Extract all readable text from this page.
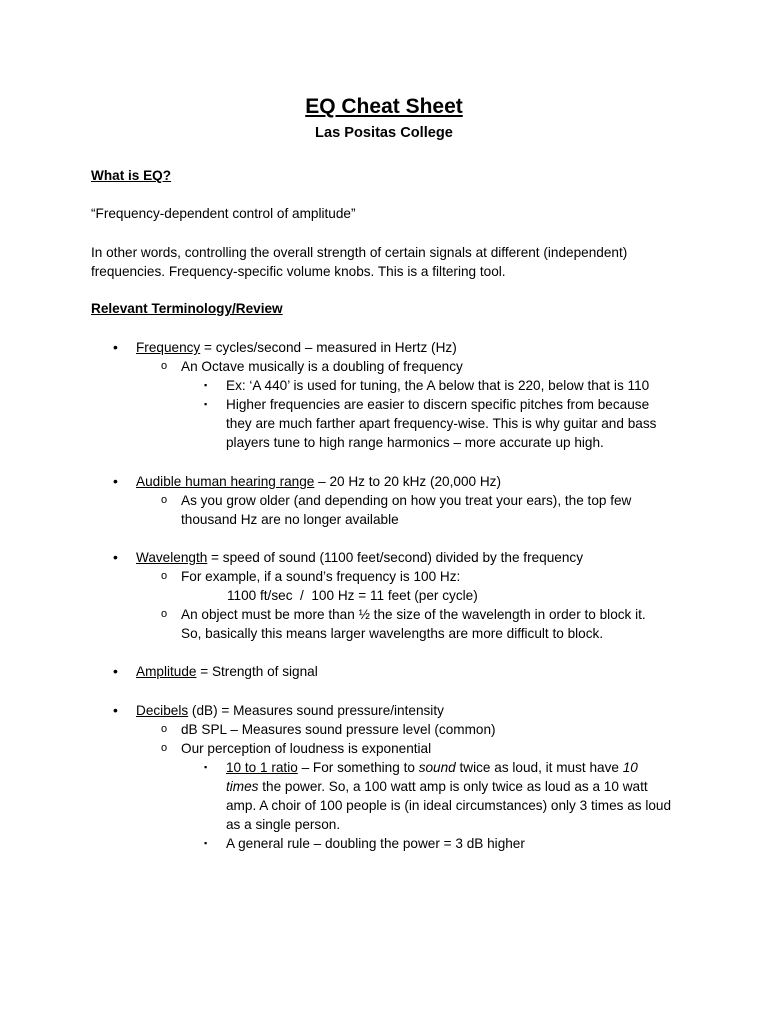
EQ Cheat Sheet
Las Positas College
What is EQ?
“Frequency-dependent control of amplitude”
In other words, controlling the overall strength of certain signals at different (independent)
frequencies. Frequency-specific volume knobs. This is a filtering tool.
Relevant Terminology/Review
• Frequency = cycles/second – measured in Hertz (Hz)
o An Octave musically is a doubling of frequency
▪ Ex: ‘A 440’ is used for tuning, the A below that is 220, below that is 110
▪ Higher frequencies are easier to discern specific pitches from because
they are much farther apart frequency-wise. This is why guitar and bass
players tune to high range harmonics – more accurate up high.
• Audible human hearing range – 20 Hz to 20 kHz (20,000 Hz)
o As you grow older (and depending on how you treat your ears), the top few
thousand Hz are no longer available
• Wavelength = speed of sound (1100 feet/second) divided by the frequency
o For example, if a sound’s frequency is 100 Hz:
1100 ft/sec  /  100 Hz = 11 feet (per cycle)
o An object must be more than ½ the size of the wavelength in order to block it.
So, basically this means larger wavelengths are more difficult to block.
• Amplitude = Strength of signal
• Decibels (dB) = Measures sound pressure/intensity
o dB SPL – Measures sound pressure level (common)
o Our perception of loudness is exponential
▪ 10 to 1 ratio – For something to sound twice as loud, it must have 10
times the power. So, a 100 watt amp is only twice as loud as a 10 watt
amp. A choir of 100 people is (in ideal circumstances) only 3 times as loud
as a single person.
▪ A general rule – doubling the power = 3 dB higher
